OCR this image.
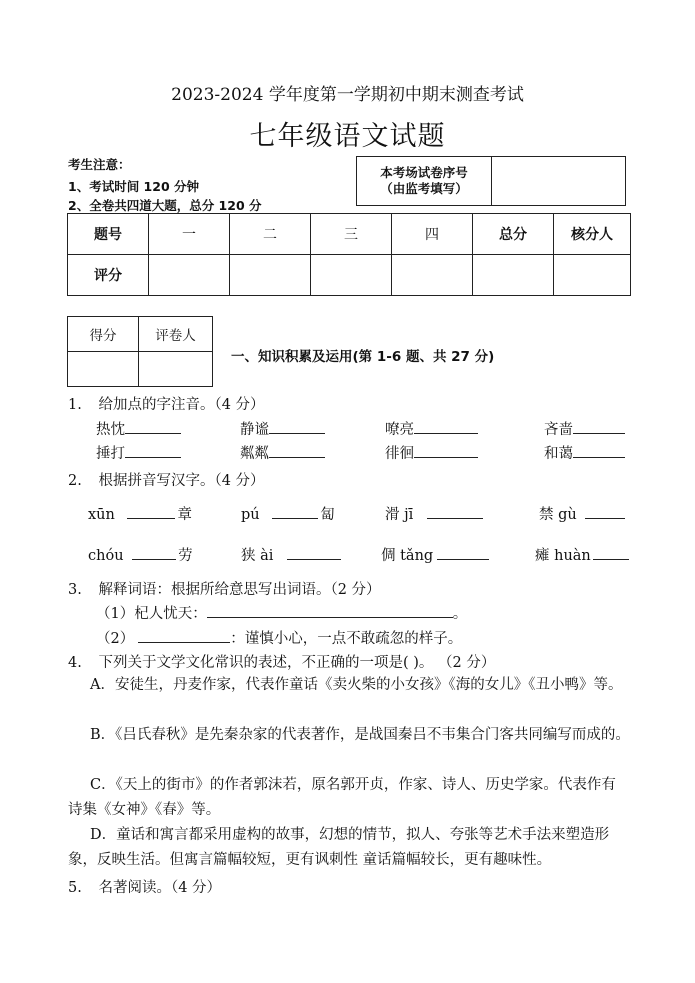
2023-2024 学年度第一学期初中期末测查考试
七年级语文试题
考生注意：
1、考试时间 120 分钟
2、全卷共四道大题，总分 120 分
本考场试卷序号
（由监考填写）

题号	一	二	三	四	总分	核分人
评分						
得分	评卷人

一、知识积累及运用(第 1-6 题、共 27 分)
1. 给加点的字注音。（4 分）
热忱	静谧	嘹亮	吝啬
捶打	粼粼	徘徊	和蔼
2. 根据拼音写汉字。（4 分）
xūn	章	pú	匐	滑 jī	禁 gù
chóu	劳	狭 ài	倜 tǎng	瘫 huàn
3. 解释词语：根据所给意思写出词语。（2 分）
（1）杞人忧天：	。
（2）	：谨慎小心，一点不敢疏忽的样子。
4. 下列关于文学文化常识的表述，不正确的一项是( )。 （2 分）
A．安徒生，丹麦作家，代表作童话《卖火柴的小女孩》《海的女儿》《丑小鸭》等。
B．《吕氏春秋》是先秦杂家的代表著作，是战国秦吕不韦集合门客共同编写而成的。
C．《天上的街市》的作者郭沫若，原名郭开贞，作家、诗人、历史学家。代表作有诗集《女神》《春》等。
D．童话和寓言都采用虚构的故事，幻想的情节，拟人、夸张等艺术手法来塑造形象，反映生活。但寓言篇幅较短，更有讽刺性 童话篇幅较长，更有趣味性。
5. 名著阅读。（4 分）
